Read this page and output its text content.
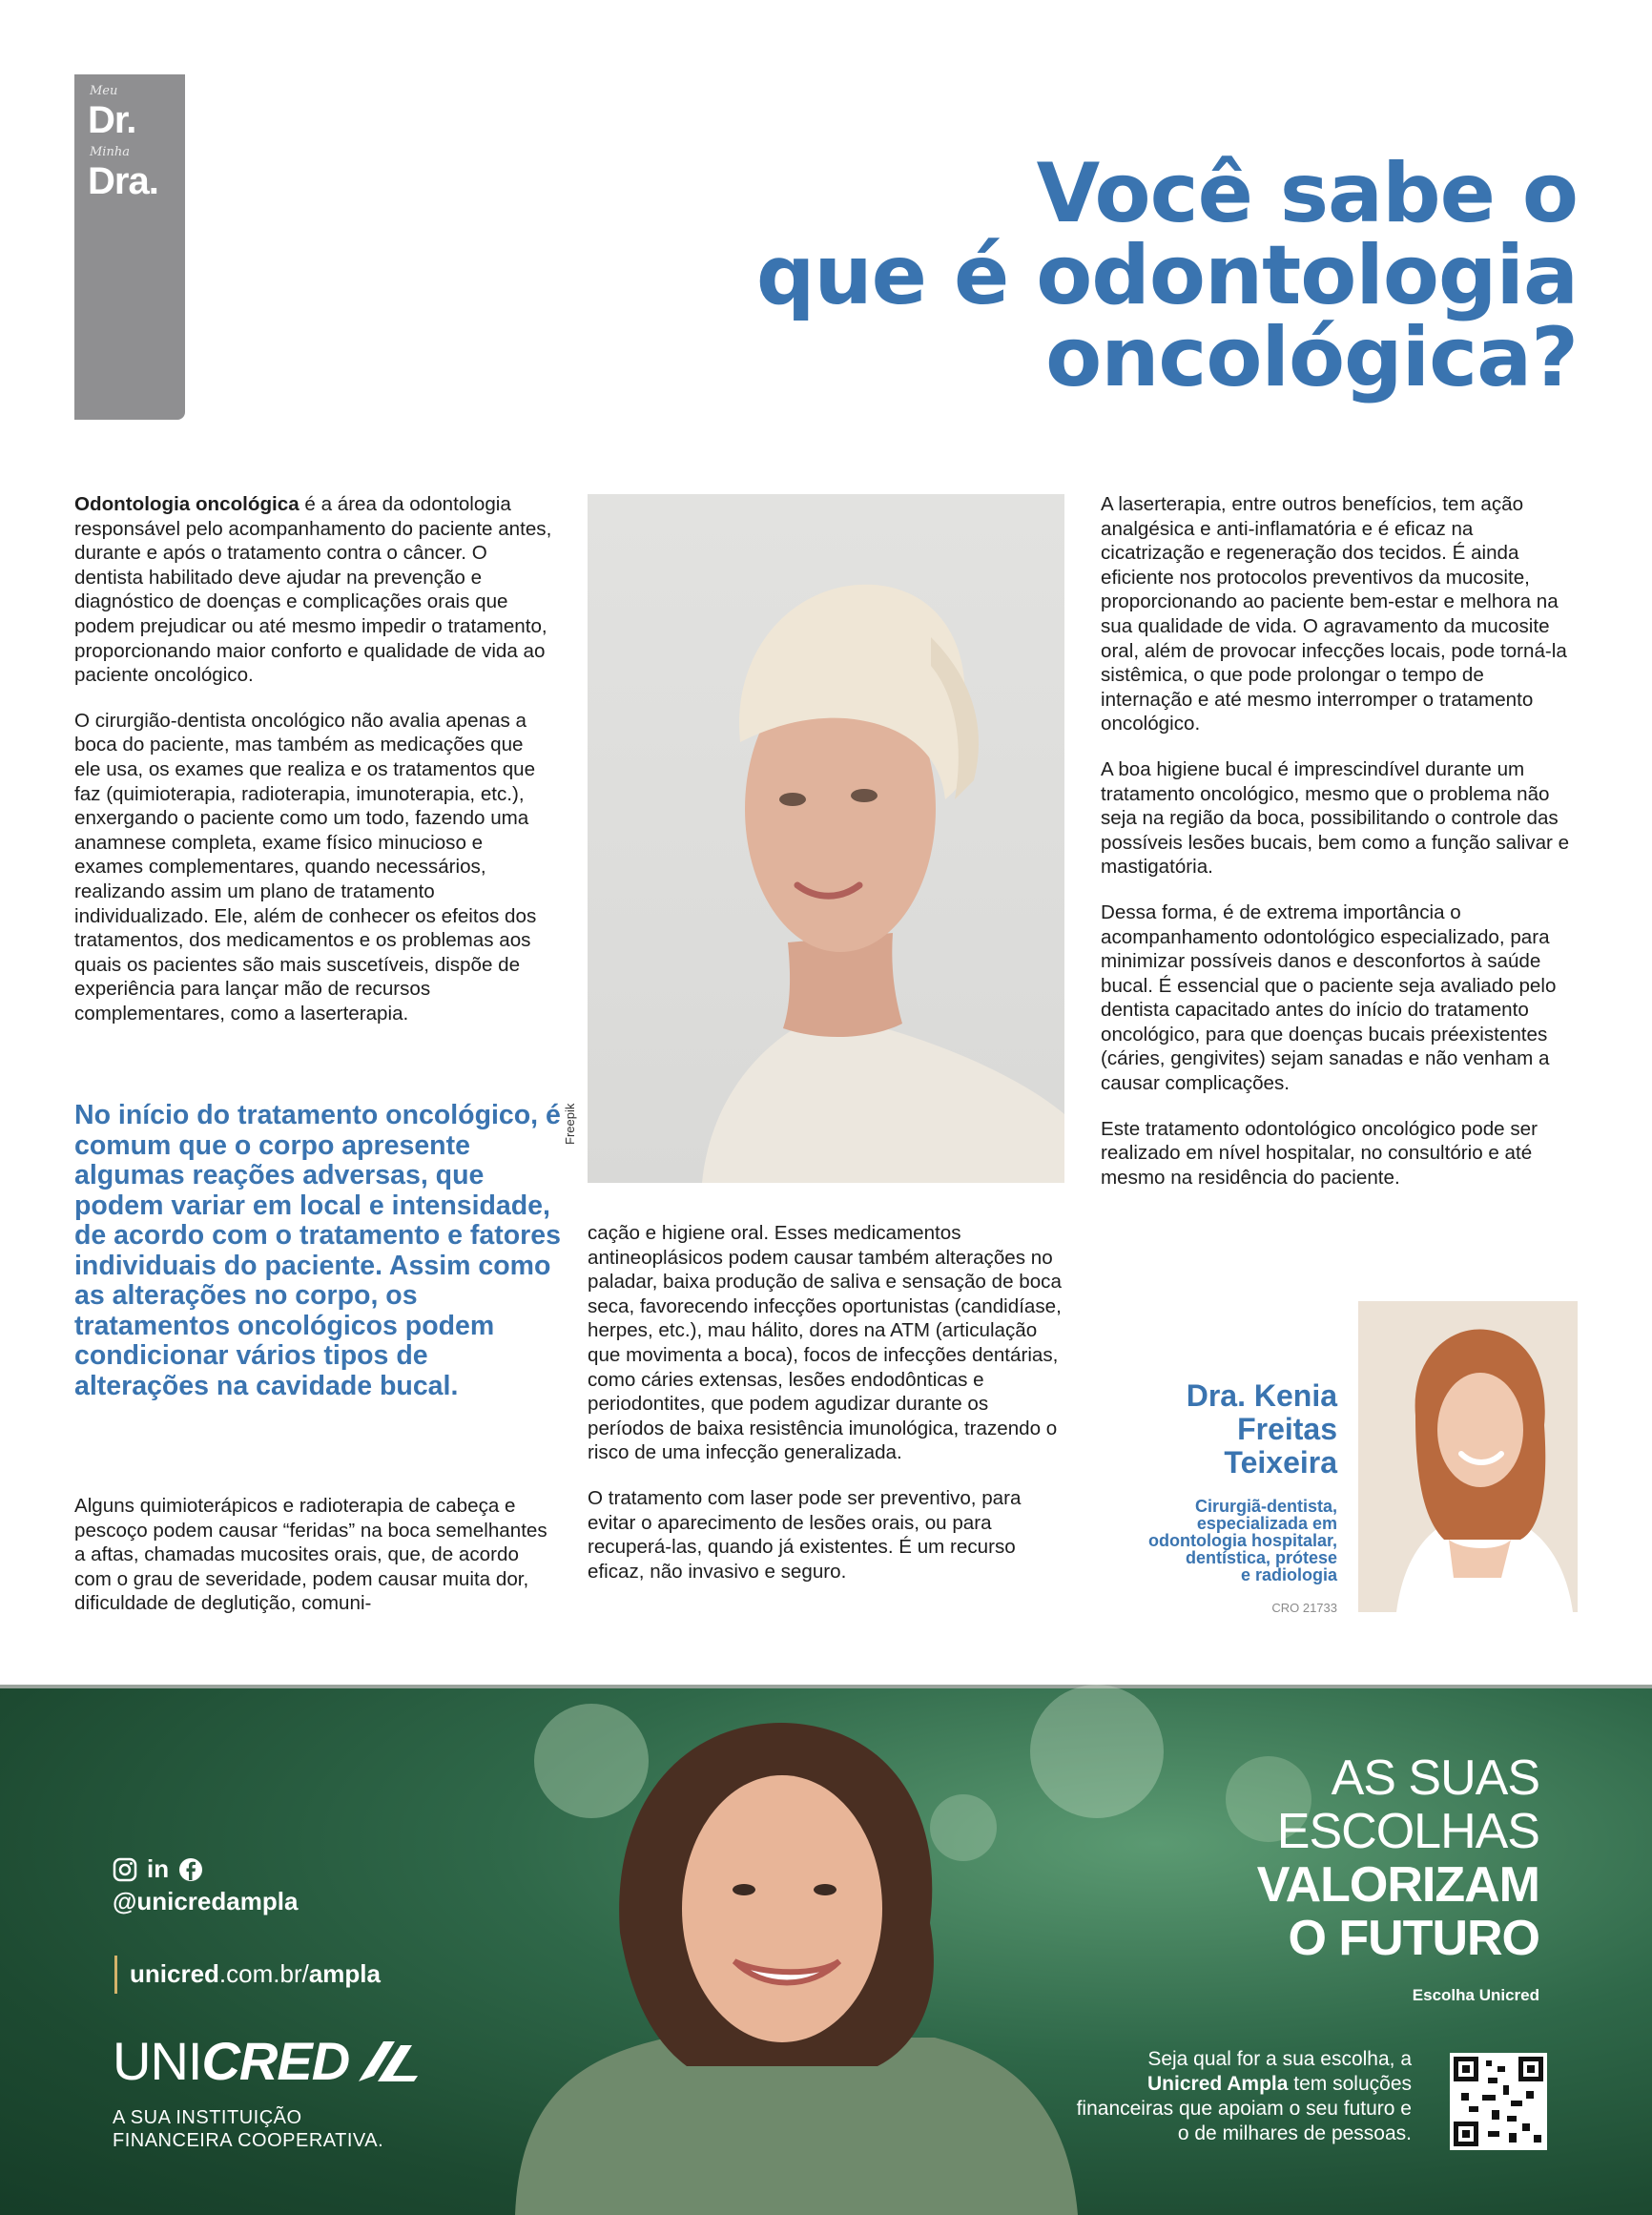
Meu
Dr.
Minha
Dra.	Você sabe o
que é odontologia
oncológica?

Odontologia oncológica é a área da odontologia responsável pelo acompanhamento do paciente antes, durante e após o tratamento contra o câncer. O dentista habilitado deve ajudar na prevenção e diagnóstico de doenças e complicações orais que podem prejudicar ou até mesmo impedir o tratamento, proporcionando maior conforto e qualidade de vida ao paciente oncológico.

O cirurgião-dentista oncológico não avalia apenas a boca do paciente, mas também as medicações que ele usa, os exames que realiza e os tratamentos que faz (quimioterapia, radioterapia, imunoterapia, etc.), enxergando o paciente como um todo, fazendo uma anamnese completa, exame físico minucioso e exames complementares, quando necessários, realizando assim um plano de tratamento individualizado. Ele, além de conhecer os efeitos dos tratamentos, dos medicamentos e os problemas aos quais os pacientes são mais suscetíveis, dispõe de experiência para lançar mão de recursos complementares, como a laserterapia.

No início do tratamento oncológico, é comum que o corpo apresente algumas reações adversas, que podem variar em local e intensidade, de acordo com o tratamento e fatores individuais do paciente. Assim como as alterações no corpo, os tratamentos oncológicos podem condicionar vários tipos de alterações na cavidade bucal.

Alguns quimioterápicos e radioterapia de cabeça e pescoço podem causar “feridas” na boca semelhantes a aftas, chamadas mucosites orais, que, de acordo com o grau de severidade, podem causar muita dor, dificuldade de deglutição, comuni-

Freepik

cação e higiene oral. Esses medicamentos antineoplásicos podem causar também alterações no paladar, baixa produção de saliva e sensação de boca seca, favorecendo infecções oportunistas (candidíase, herpes, etc.), mau hálito, dores na ATM (articulação que movimenta a boca), focos de infecções dentárias, como cáries extensas, lesões endodônticas e periodontites, que podem agudizar durante os períodos de baixa resistência imunológica, trazendo o risco de uma infecção generalizada.

O tratamento com laser pode ser preventivo, para evitar o aparecimento de lesões orais, ou para recuperá-las, quando já existentes. É um recurso eficaz, não invasivo e seguro.

A laserterapia, entre outros benefícios, tem ação analgésica e anti-inflamatória e é eficaz na cicatrização e regeneração dos tecidos. É ainda eficiente nos protocolos preventivos da mucosite, proporcionando ao paciente bem-estar e melhora na sua qualidade de vida. O agravamento da mucosite oral, além de provocar infecções locais, pode torná-la sistêmica, o que pode prolongar o tempo de internação e até mesmo interromper o tratamento oncológico.

A boa higiene bucal é imprescindível durante um tratamento oncológico, mesmo que o problema não seja na região da boca, possibilitando o controle das possíveis lesões bucais, bem como a função salivar e mastigatória.

Dessa forma, é de extrema importância o acompanhamento odontológico especializado, para minimizar possíveis danos e desconfortos à saúde bucal. É essencial que o paciente seja avaliado pelo dentista capacitado antes do início do tratamento oncológico, para que doenças bucais préexistentes (cáries, gengivites) sejam sanadas e não venham a causar complicações.

Este tratamento odontológico oncológico pode ser realizado em nível hospitalar, no consultório e até mesmo na residência do paciente.

Dra. Kenia
Freitas
Teixeira
Cirurgiã-dentista,
especializada em
odontologia hospitalar,
dentística, prótese
e radiologia
CRO 21733
AS SUAS
ESCOLHAS
VALORIZAM
O FUTURO
Escolha Unicred
Seja qual for a sua escolha, a Unicred Ampla tem soluções financeiras que apoiam o seu futuro e o de milhares de pessoas.
in
@unicredampla
unicred.com.br/ampla
UNI CRED
A SUA INSTITUIÇÃO
FINANCEIRA COOPERATIVA.
